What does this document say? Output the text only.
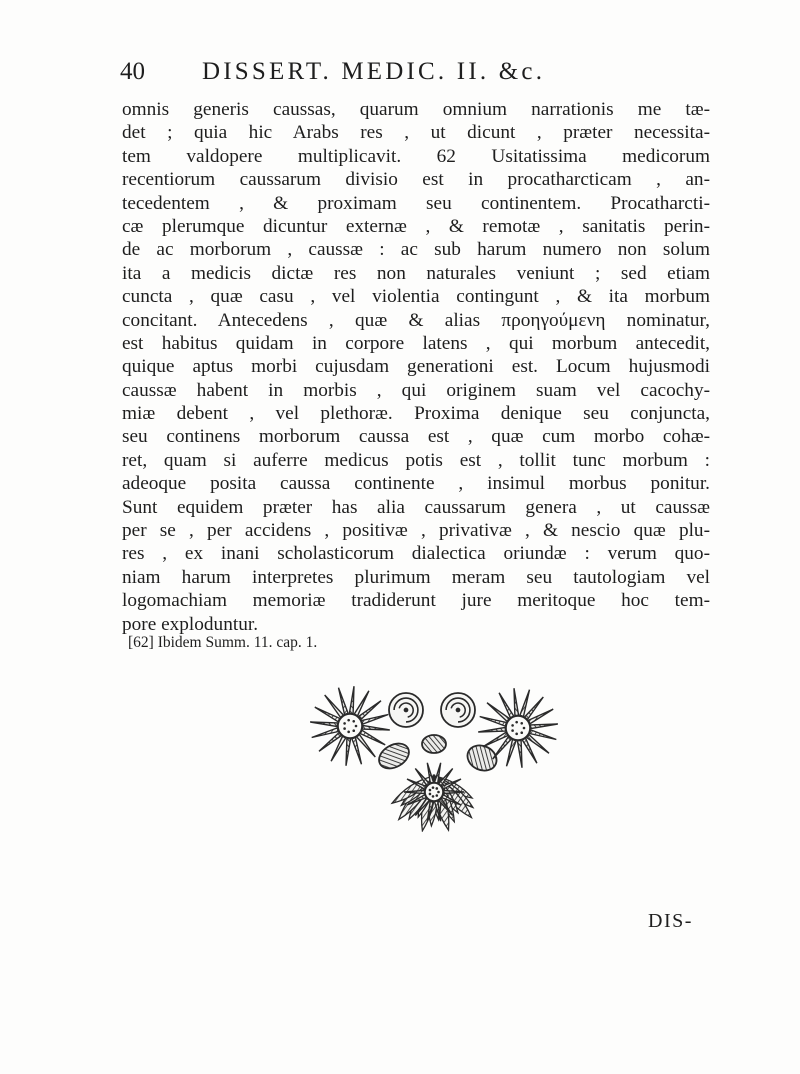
40 DISSERT. MEDIC. II. &c.
omnis generis caussas, quarum omnium narrationis me tæ-
det ; quia hic Arabs res , ut dicunt , præter necessita-
tem valdopere multiplicavit. 62 Usitatissima medicorum
recentiorum caussarum divisio est in procatharcticam , an-
tecedentem , & proximam seu continentem. Procatharcti-
cæ plerumque dicuntur externæ , & remotæ , sanitatis perin-
de ac morborum , caussæ : ac sub harum numero non solum
ita a medicis dictæ res non naturales veniunt ; sed etiam
cuncta , quæ casu , vel violentia contingunt , & ita morbum
concitant. Antecedens , quæ & alias προηγούμενη nominatur,
est habitus quidam in corpore latens , qui morbum antecedit,
quique aptus morbi cujusdam generationi est. Locum hujusmodi
caussæ habent in morbis , qui originem suam vel cacochy-
miæ debent , vel plethoræ. Proxima denique seu conjuncta,
seu continens morborum caussa est , quæ cum morbo cohæ-
ret, quam si auferre medicus potis est , tollit tunc morbum :
adeoque posita caussa continente , insimul morbus ponitur.
Sunt equidem præter has alia caussarum genera , ut caussæ
per se , per accidens , positivæ , privativæ , & nescio quæ plu-
res , ex inani scholasticorum dialectica oriundæ : verum quo-
niam harum interpretes plurimum meram seu tautologiam vel
logomachiam memoriæ tradiderunt jure meritoque hoc tem-
pore exploduntur.
[62] Ibidem Summ. 11. cap. 1.
DIS-
